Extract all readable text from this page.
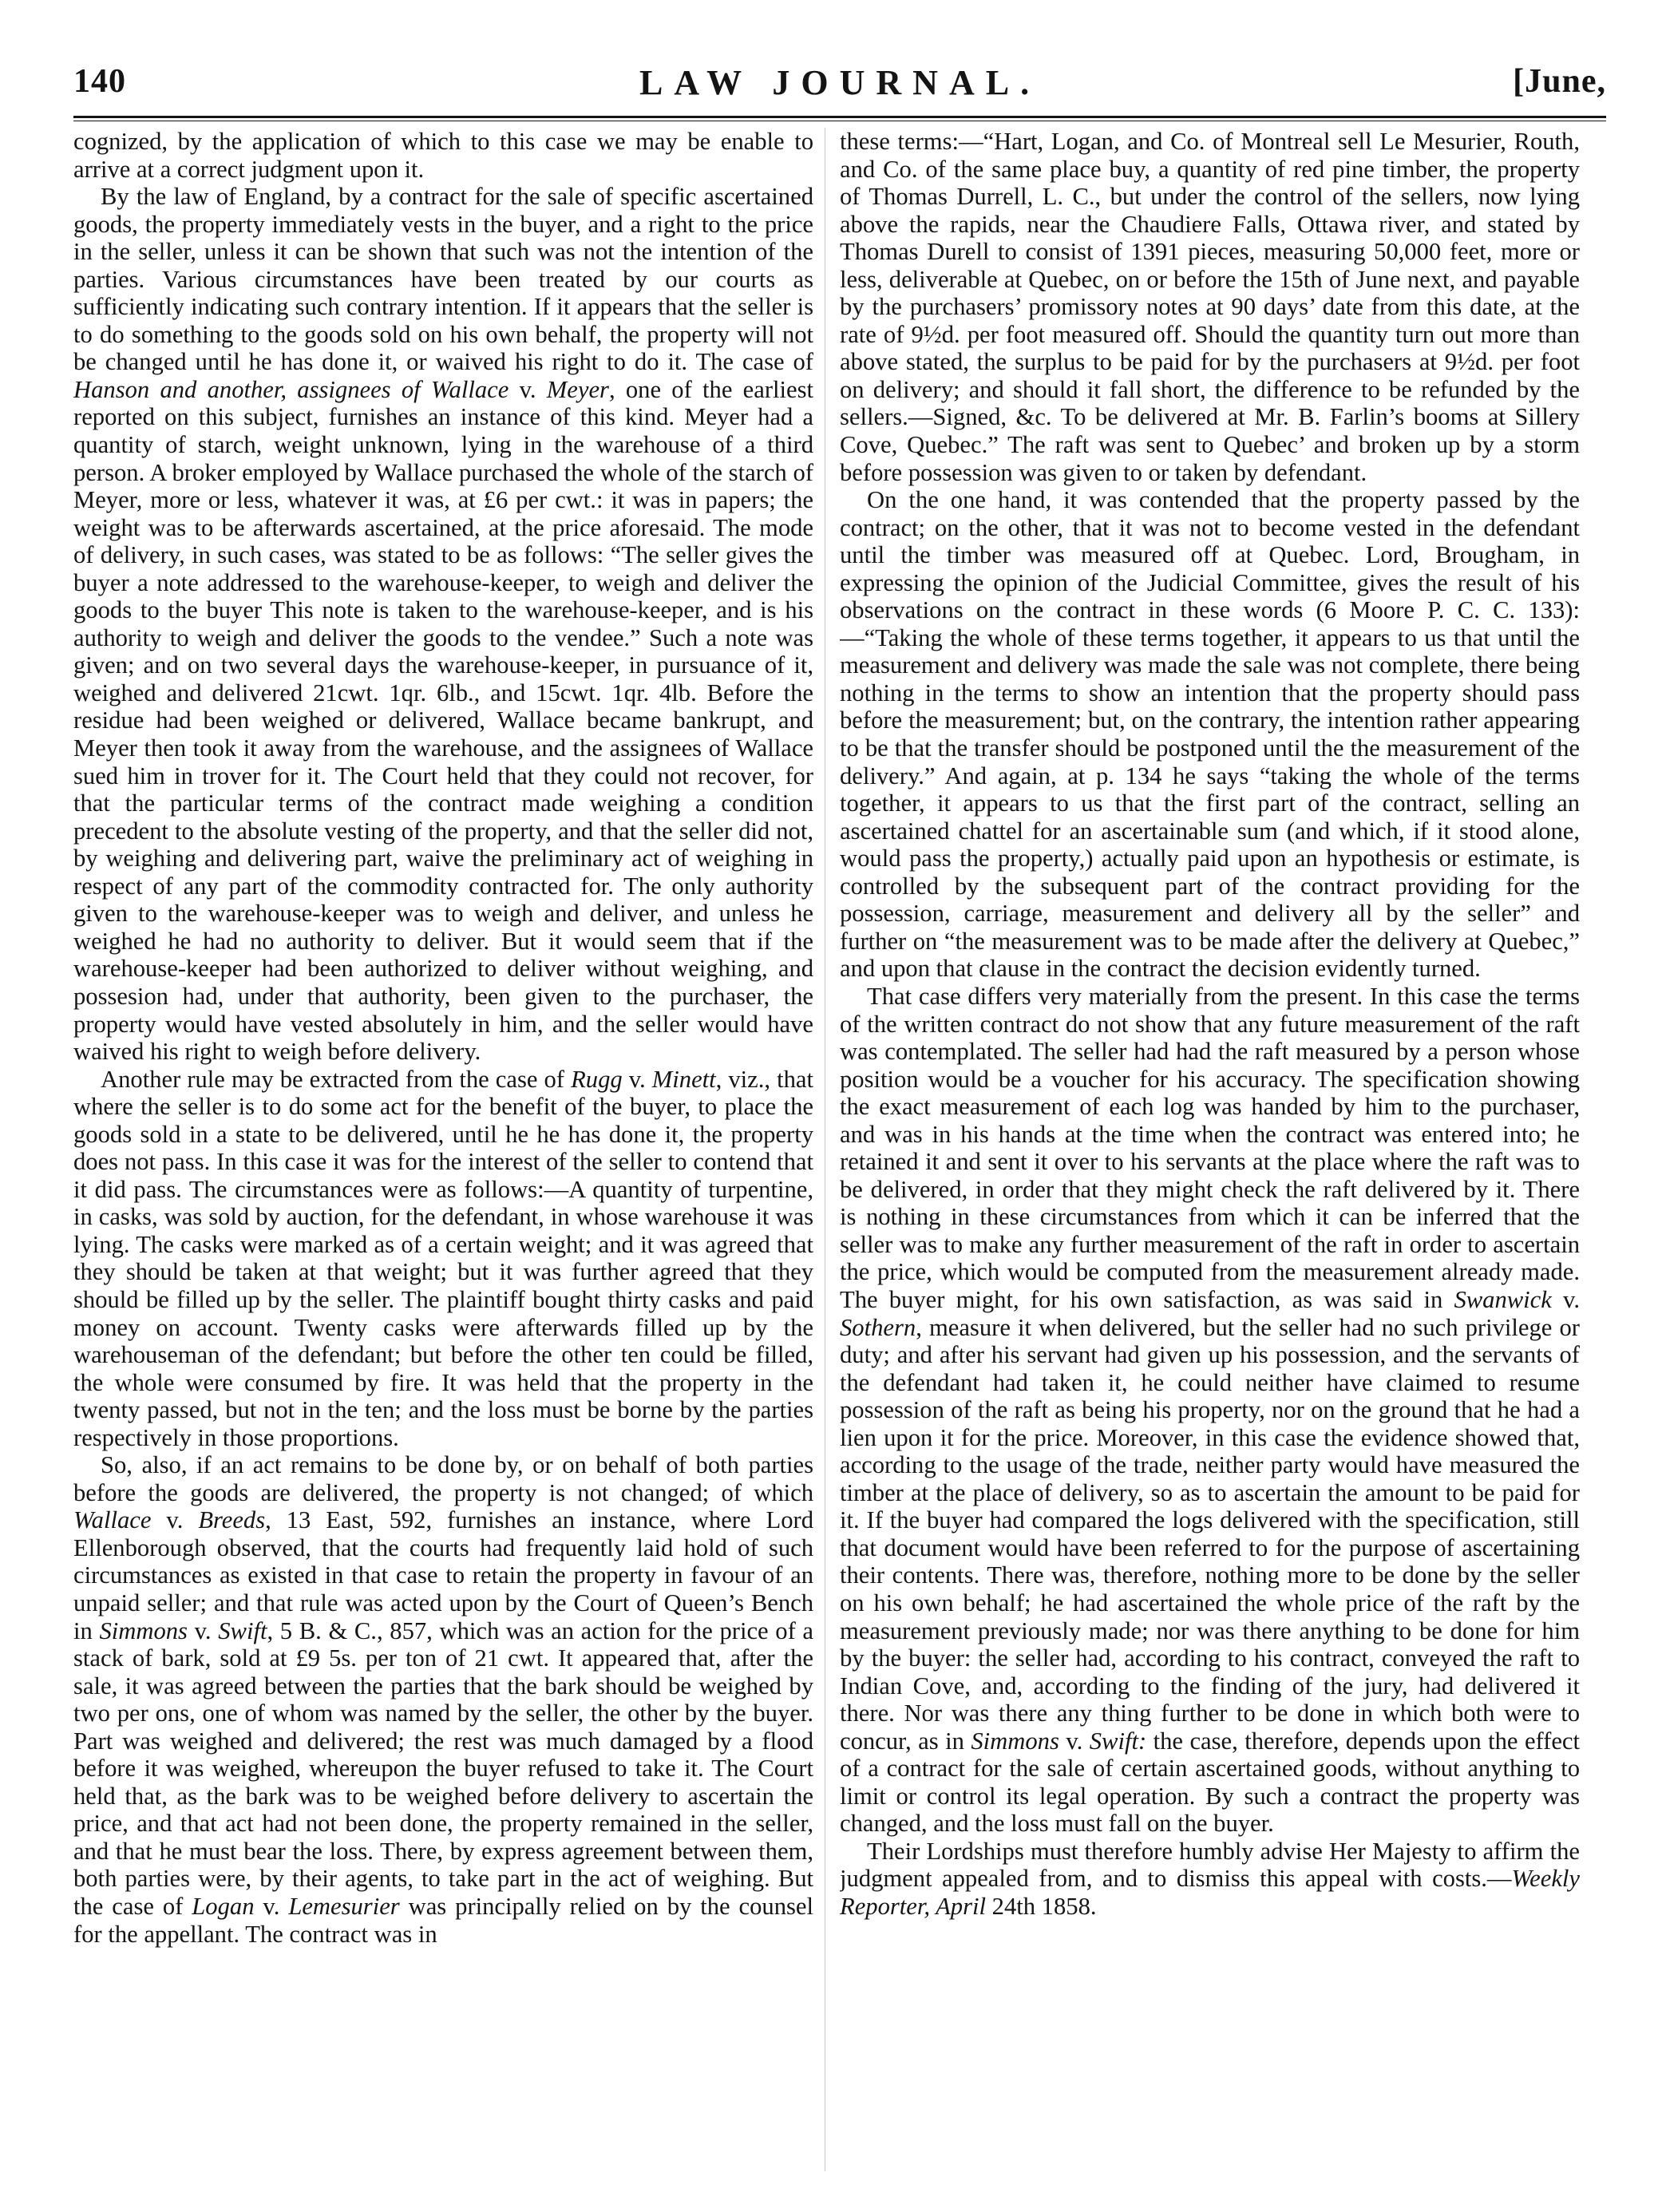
140	LAW JOURNAL.	[June,

cognized, by the application of which to this case we may be enable to arrive at a correct judgment upon it.

By the law of England, by a contract for the sale of specific ascertained goods, the property immediately vests in the buyer, and a right to the price in the seller, unless it can be shown that such was not the intention of the parties. Various circumstances have been treated by our courts as sufficiently indicating such contrary intention. If it appears that the seller is to do something to the goods sold on his own behalf, the property will not be changed until he has done it, or waived his right to do it. The case of Hanson and another, assignees of Wallace v. Meyer, one of the earliest reported on this subject, furnishes an instance of this kind. Meyer had a quantity of starch, weight unknown, lying in the warehouse of a third person. A broker employed by Wallace purchased the whole of the starch of Meyer, more or less, whatever it was, at £6 per cwt.: it was in papers; the weight was to be afterwards ascertained, at the price aforesaid. The mode of delivery, in such cases, was stated to be as follows: “The seller gives the buyer a note addressed to the warehouse-keeper, to weigh and deliver the goods to the buyer This note is taken to the warehouse-keeper, and is his authority to weigh and deliver the goods to the vendee.” Such a note was given; and on two several days the warehouse-keeper, in pursuance of it, weighed and delivered 21cwt. 1qr. 6lb., and 15cwt. 1qr. 4lb. Before the residue had been weighed or delivered, Wallace became bankrupt, and Meyer then took it away from the warehouse, and the assignees of Wallace sued him in trover for it. The Court held that they could not recover, for that the particular terms of the contract made weighing a condition precedent to the absolute vesting of the property, and that the seller did not, by weighing and delivering part, waive the preliminary act of weighing in respect of any part of the commodity contracted for. The only authority given to the warehouse-keeper was to weigh and deliver, and unless he weighed he had no authority to deliver. But it would seem that if the warehouse-keeper had been authorized to deliver without weighing, and possesion had, under that authority, been given to the purchaser, the property would have vested absolutely in him, and the seller would have waived his right to weigh before delivery.

Another rule may be extracted from the case of Rugg v. Minett, viz., that where the seller is to do some act for the benefit of the buyer, to place the goods sold in a state to be delivered, until he he has done it, the property does not pass. In this case it was for the interest of the seller to contend that it did pass. The circumstances were as follows:—A quantity of turpentine, in casks, was sold by auction, for the defendant, in whose warehouse it was lying. The casks were marked as of a certain weight; and it was agreed that they should be taken at that weight; but it was further agreed that they should be filled up by the seller. The plaintiff bought thirty casks and paid money on account. Twenty casks were afterwards filled up by the warehouseman of the defendant; but before the other ten could be filled, the whole were consumed by fire. It was held that the property in the twenty passed, but not in the ten; and the loss must be borne by the parties respectively in those proportions.

So, also, if an act remains to be done by, or on behalf of both parties before the goods are delivered, the property is not changed; of which Wallace v. Breeds, 13 East, 592, furnishes an instance, where Lord Ellenborough observed, that the courts had frequently laid hold of such circumstances as existed in that case to retain the property in favour of an unpaid seller; and that rule was acted upon by the Court of Queen’s Bench in Simmons v. Swift, 5 B. & C., 857, which was an action for the price of a stack of bark, sold at £9 5s. per ton of 21 cwt. It appeared that, after the sale, it was agreed between the parties that the bark should be weighed by two per ons, one of whom was named by the seller, the other by the buyer. Part was weighed and delivered; the rest was much damaged by a flood before it was weighed, whereupon the buyer refused to take it. The Court held that, as the bark was to be weighed before delivery to ascertain the price, and that act had not been done, the property remained in the seller, and that he must bear the loss. There, by express agreement between them, both parties were, by their agents, to take part in the act of weighing. But the case of Logan v. Lemesurier was principally relied on by the counsel for the appellant. The contract was in

these terms:—“Hart, Logan, and Co. of Montreal sell Le Mesurier, Routh, and Co. of the same place buy, a quantity of red pine timber, the property of Thomas Durrell, L. C., but under the control of the sellers, now lying above the rapids, near the Chaudiere Falls, Ottawa river, and stated by Thomas Durell to consist of 1391 pieces, measuring 50,000 feet, more or less, deliverable at Quebec, on or before the 15th of June next, and payable by the purchasers’ promissory notes at 90 days’ date from this date, at the rate of 9½d. per foot measured off. Should the quantity turn out more than above stated, the surplus to be paid for by the purchasers at 9½d. per foot on delivery; and should it fall short, the difference to be refunded by the sellers.—Signed, &c. To be delivered at Mr. B. Farlin’s booms at Sillery Cove, Quebec.” The raft was sent to Quebec’ and broken up by a storm before possession was given to or taken by defendant.

On the one hand, it was contended that the property passed by the contract; on the other, that it was not to become vested in the defendant until the timber was measured off at Quebec. Lord, Brougham, in expressing the opinion of the Judicial Committee, gives the result of his observations on the contract in these words (6 Moore P. C. C. 133):—“Taking the whole of these terms together, it appears to us that until the measurement and delivery was made the sale was not complete, there being nothing in the terms to show an intention that the property should pass before the measurement; but, on the contrary, the intention rather appearing to be that the transfer should be postponed until the the measurement of the delivery.” And again, at p. 134 he says “taking the whole of the terms together, it appears to us that the first part of the contract, selling an ascertained chattel for an ascertainable sum (and which, if it stood alone, would pass the property,) actually paid upon an hypothesis or estimate, is controlled by the subsequent part of the contract providing for the possession, carriage, measurement and delivery all by the seller” and further on “the measurement was to be made after the delivery at Quebec,” and upon that clause in the contract the decision evidently turned.

That case differs very materially from the present. In this case the terms of the written contract do not show that any future measurement of the raft was contemplated. The seller had had the raft measured by a person whose position would be a voucher for his accuracy. The specification showing the exact measurement of each log was handed by him to the purchaser, and was in his hands at the time when the contract was entered into; he retained it and sent it over to his servants at the place where the raft was to be delivered, in order that they might check the raft delivered by it. There is nothing in these circumstances from which it can be inferred that the seller was to make any further measurement of the raft in order to ascertain the price, which would be computed from the measurement already made. The buyer might, for his own satisfaction, as was said in Swanwick v. Sothern, measure it when delivered, but the seller had no such privilege or duty; and after his servant had given up his possession, and the servants of the defendant had taken it, he could neither have claimed to resume possession of the raft as being his property, nor on the ground that he had a lien upon it for the price. Moreover, in this case the evidence showed that, according to the usage of the trade, neither party would have measured the timber at the place of delivery, so as to ascertain the amount to be paid for it. If the buyer had compared the logs delivered with the specification, still that document would have been referred to for the purpose of ascertaining their contents. There was, therefore, nothing more to be done by the seller on his own behalf; he had ascertained the whole price of the raft by the measurement previously made; nor was there anything to be done for him by the buyer: the seller had, according to his contract, conveyed the raft to Indian Cove, and, according to the finding of the jury, had delivered it there. Nor was there any thing further to be done in which both were to concur, as in Simmons v. Swift: the case, therefore, depends upon the effect of a contract for the sale of certain ascertained goods, without anything to limit or control its legal operation. By such a contract the property was changed, and the loss must fall on the buyer.

Their Lordships must therefore humbly advise Her Majesty to affirm the judgment appealed from, and to dismiss this appeal with costs.—Weekly Reporter, April 24th 1858.
